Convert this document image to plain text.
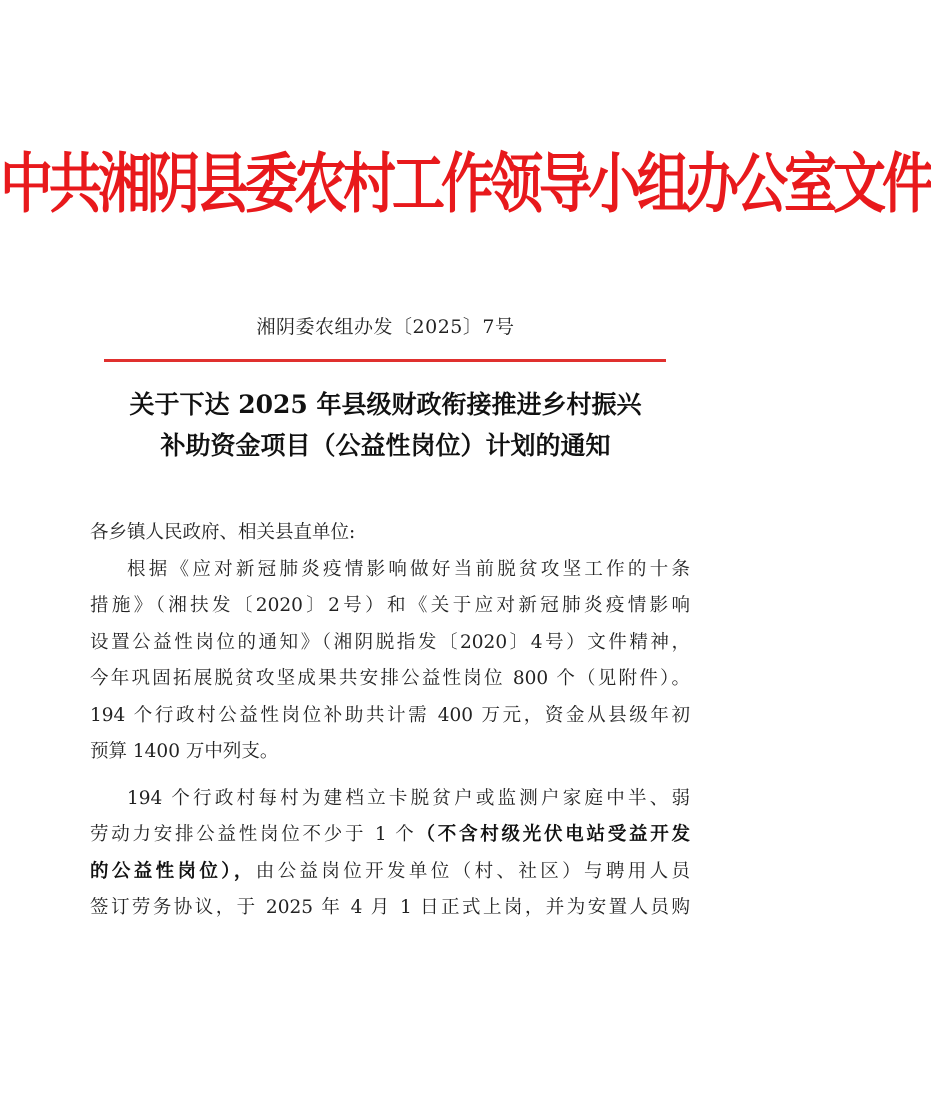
中共湘阴县委农村工作领导小组办公室文件
湘阴委农组办发〔2025〕7号
关于下达 2025 年县级财政衔接推进乡村振兴
补助资金项目（公益性岗位）计划的通知
各乡镇人民政府、相关县直单位:
根据《应对新冠肺炎疫情影响做好当前脱贫攻坚工作的十条
措施》（湘扶发〔2020〕2号）和《关于应对新冠肺炎疫情影响
设置公益性岗位的通知》（湘阴脱指发〔2020〕4号）文件精神，
今年巩固拓展脱贫攻坚成果共安排公益性岗位 800 个（见附件）。
194 个行政村公益性岗位补助共计需 400 万元，资金从县级年初
预算 1400 万中列支。
194 个行政村每村为建档立卡脱贫户或监测户家庭中半、弱
劳动力安排公益性岗位不少于 1 个（不含村级光伏电站受益开发
的公益性岗位），由公益岗位开发单位（村、社区）与聘用人员
签订劳务协议，于 2025 年 4 月 1 日正式上岗，并为安置人员购
